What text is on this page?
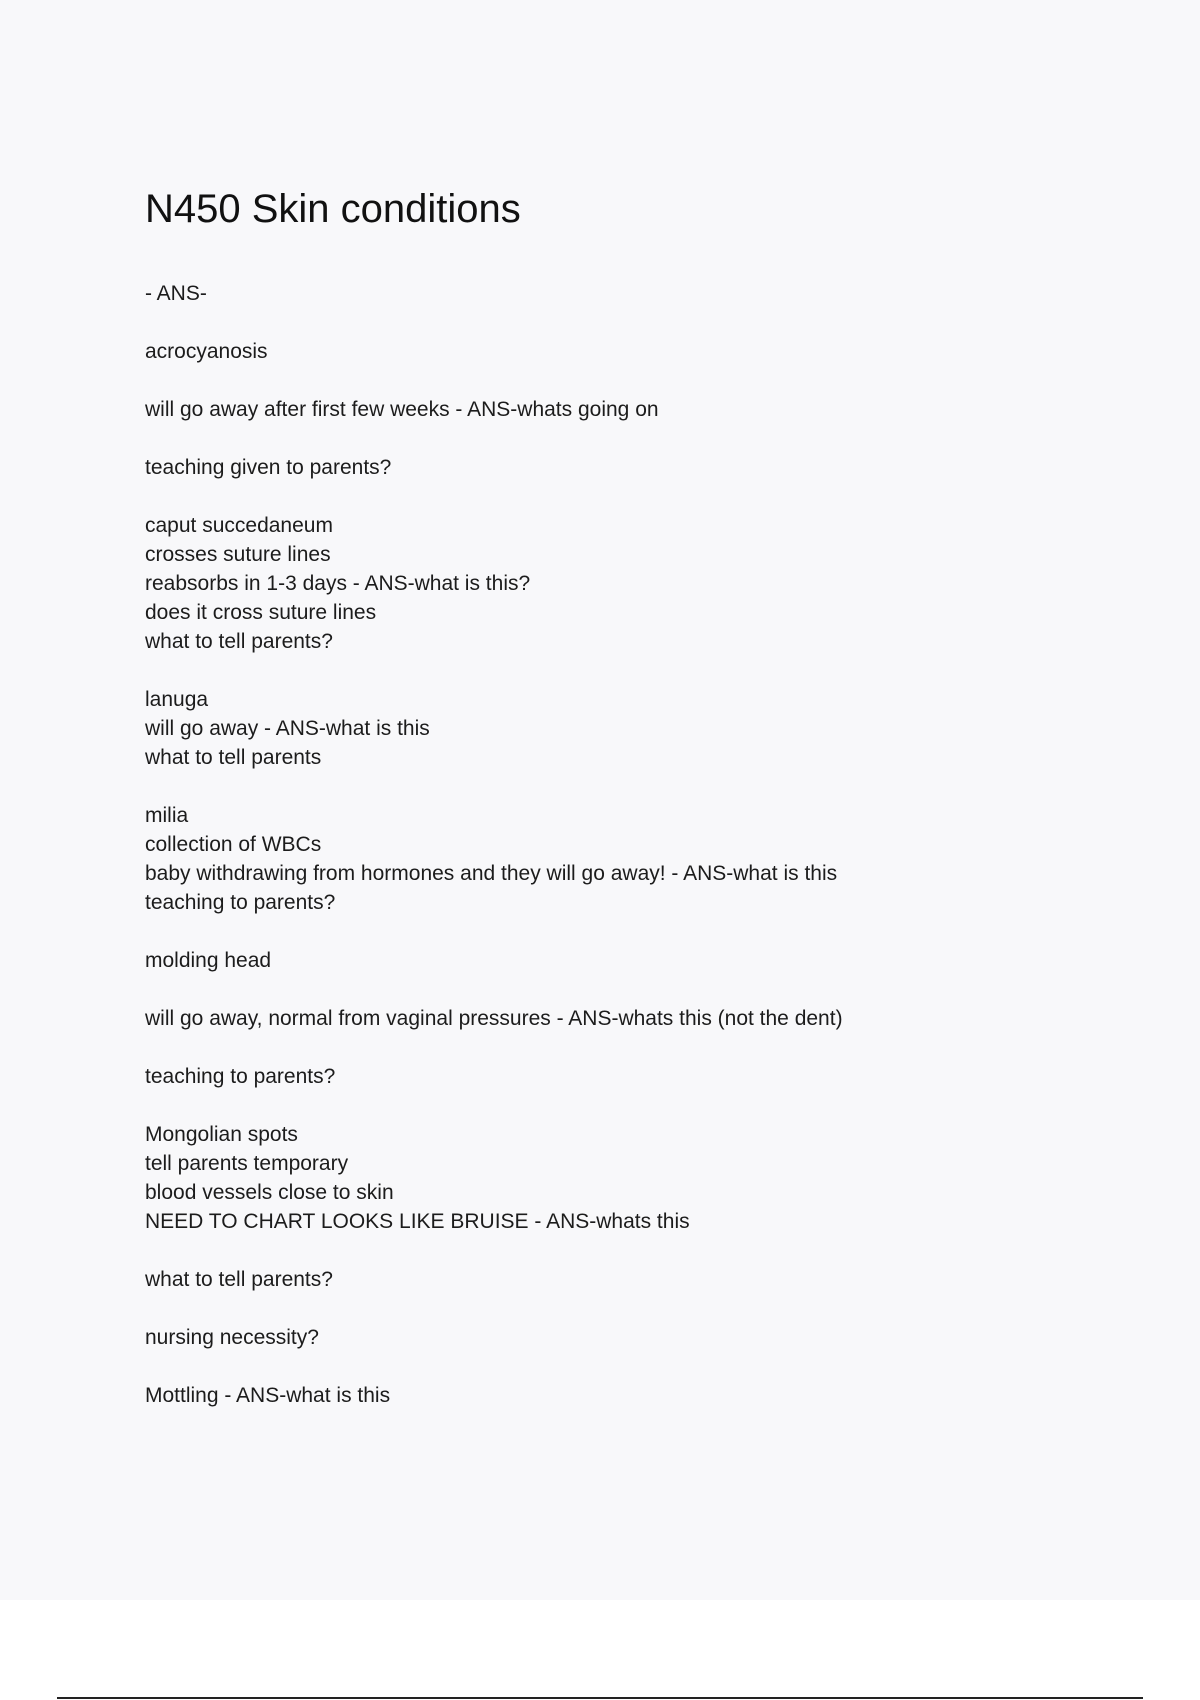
N450 Skin conditions

- ANS-

acrocyanosis

will go away after first few weeks - ANS-whats going on

teaching given to parents?

caput succedaneum
crosses suture lines
reabsorbs in 1-3 days - ANS-what is this?
does it cross suture lines
what to tell parents?

lanuga
will go away - ANS-what is this
what to tell parents

milia
collection of WBCs
baby withdrawing from hormones and they will go away! - ANS-what is this
teaching to parents?

molding head

will go away, normal from vaginal pressures - ANS-whats this (not the dent)

teaching to parents?

Mongolian spots
tell parents temporary
blood vessels close to skin
NEED TO CHART LOOKS LIKE BRUISE - ANS-whats this

what to tell parents?

nursing necessity?

Mottling - ANS-what is this
